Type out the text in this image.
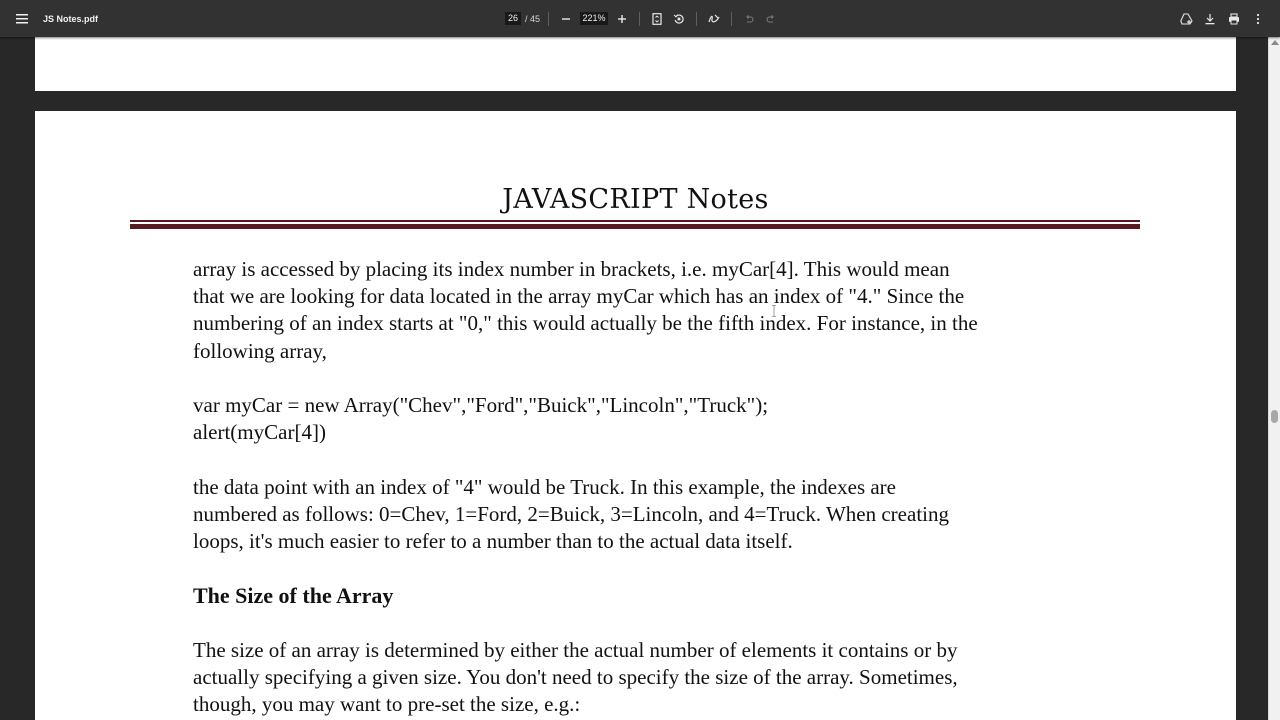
JS Notes.pdf
26	/ 45
221%
JAVASCRIPT Notes
array is accessed by placing its index number in brackets, i.e. myCar[4]. This would mean
that we are looking for data located in the array myCar which has an index of "4." Since the
numbering of an index starts at "0," this would actually be the fifth index. For instance, in the
following array,
var myCar = new Array("Chev","Ford","Buick","Lincoln","Truck");
alert(myCar[4])
the data point with an index of "4" would be Truck. In this example, the indexes are
numbered as follows: 0=Chev, 1=Ford, 2=Buick, 3=Lincoln, and 4=Truck. When creating
loops, it's much easier to refer to a number than to the actual data itself.
The Size of the Array
The size of an array is determined by either the actual number of elements it contains or by
actually specifying a given size. You don't need to specify the size of the array. Sometimes,
though, you may want to pre-set the size, e.g.:
